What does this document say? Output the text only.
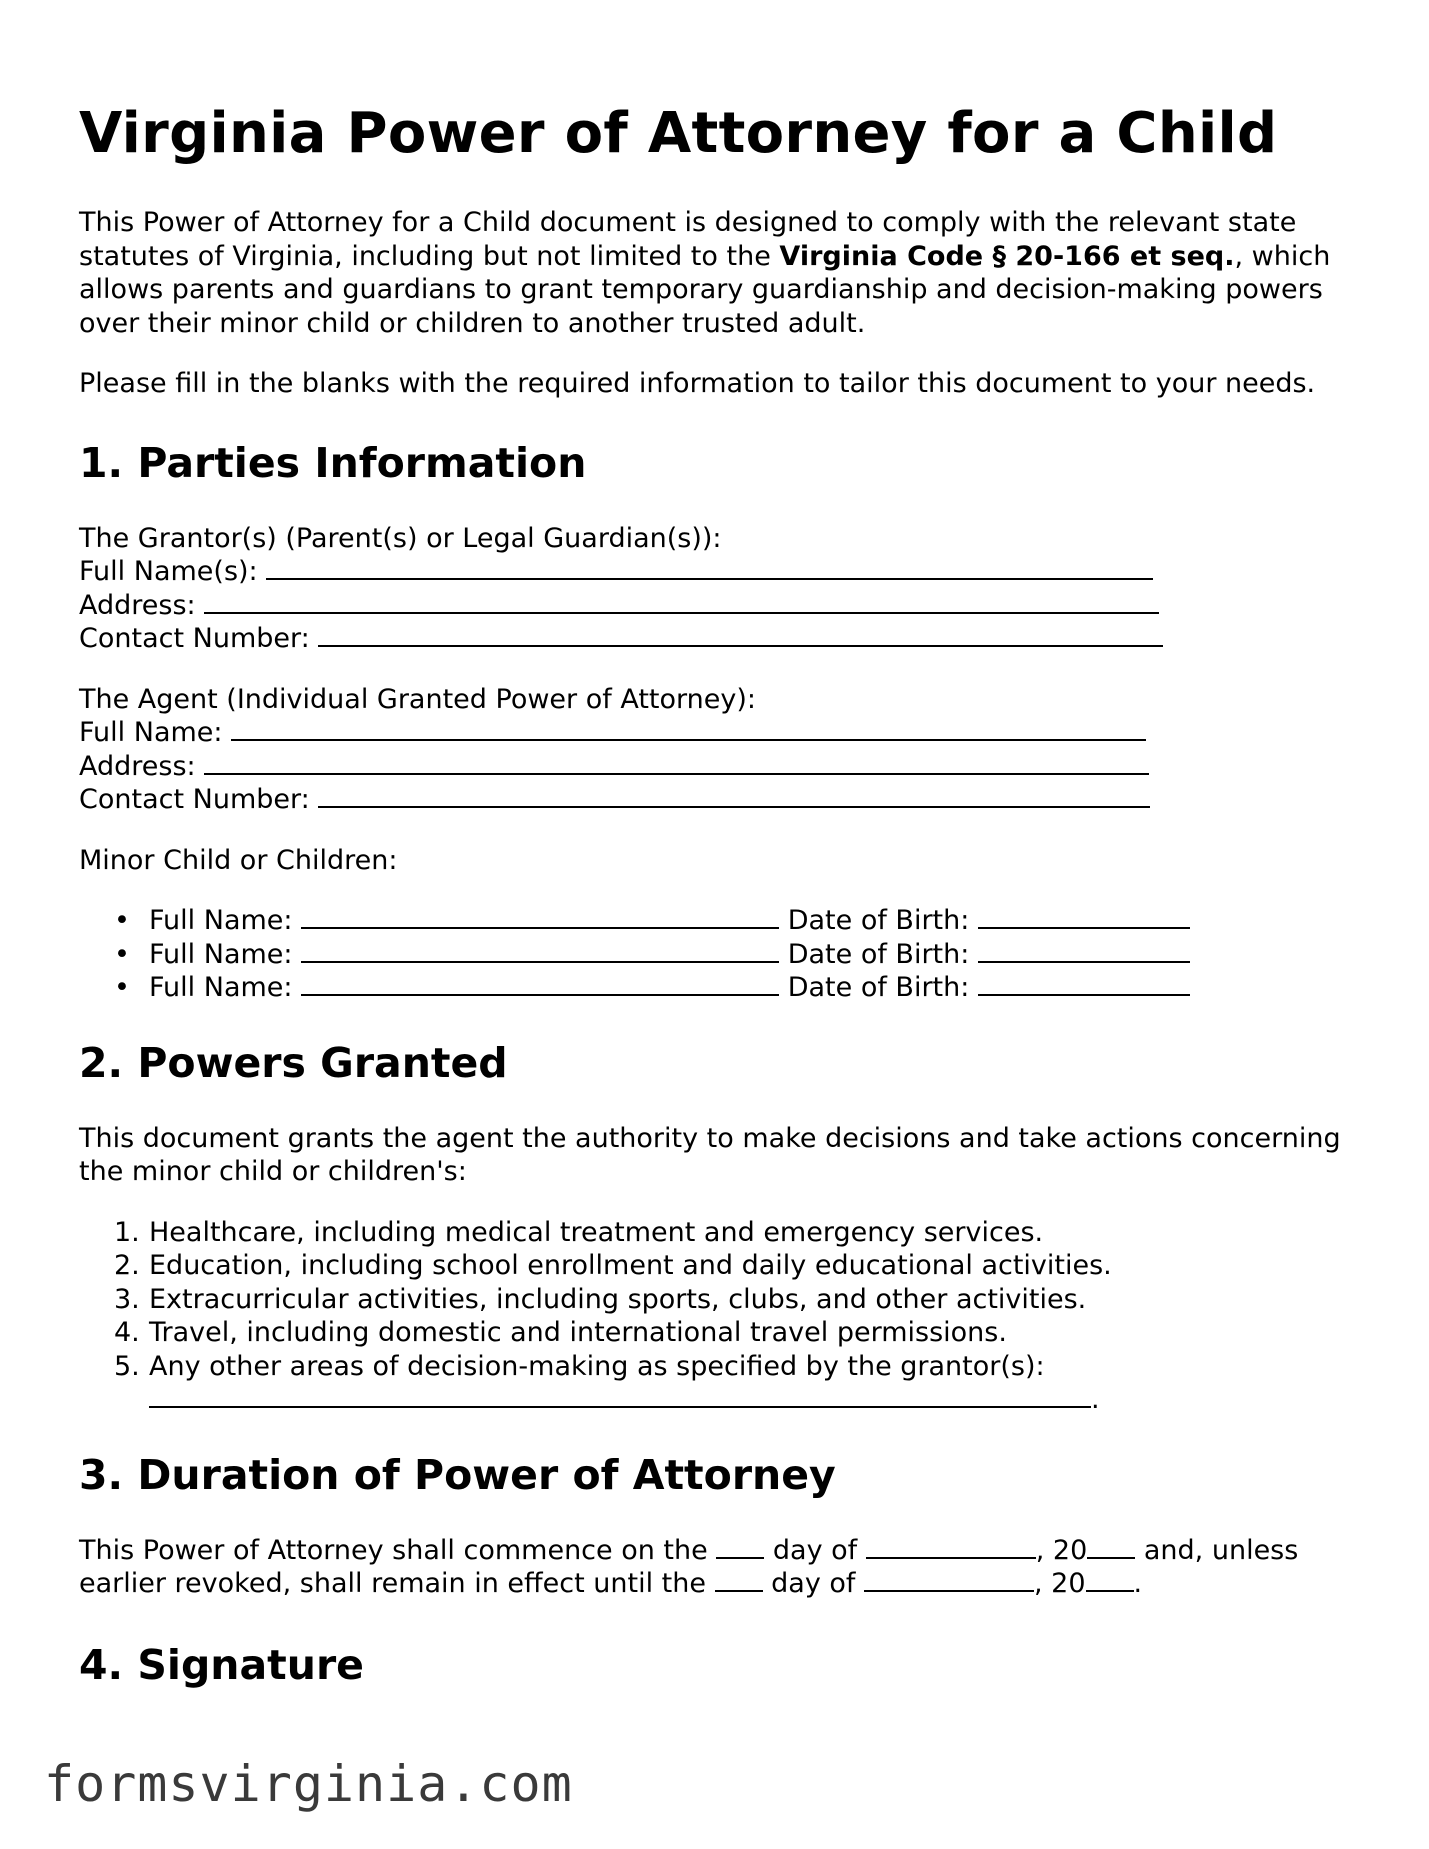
Virginia Power of Attorney for a Child

This Power of Attorney for a Child document is designed to comply with the relevant state statutes of Virginia, including but not limited to the Virginia Code § 20-166 et seq., which allows parents and guardians to grant temporary guardianship and decision-making powers over their minor child or children to another trusted adult.

Please fill in the blanks with the required information to tailor this document to your needs.

1. Parties Information
The Grantor(s) (Parent(s) or Legal Guardian(s)):
Full Name(s):
Address:
Contact Number:
The Agent (Individual Granted Power of Attorney):
Full Name:
Address:
Contact Number:
Minor Child or Children:
• Full Name:	Date of Birth:
• Full Name:	Date of Birth:
• Full Name:	Date of Birth:
2. Powers Granted

This document grants the agent the authority to make decisions and take actions concerning the minor child or children's:

1. Healthcare, including medical treatment and emergency services.
2. Education, including school enrollment and daily educational activities.
3. Extracurricular activities, including sports, clubs, and other activities.
4. Travel, including domestic and international travel permissions.
5. Any other areas of decision-making as specified by the grantor(s):
.
3. Duration of Power of Attorney
This Power of Attorney shall commence on the  day of	, 20 and, unless
earlier revoked, shall remain in effect until the  day of	, 20 .
4. Signature
formsvirginia.com
